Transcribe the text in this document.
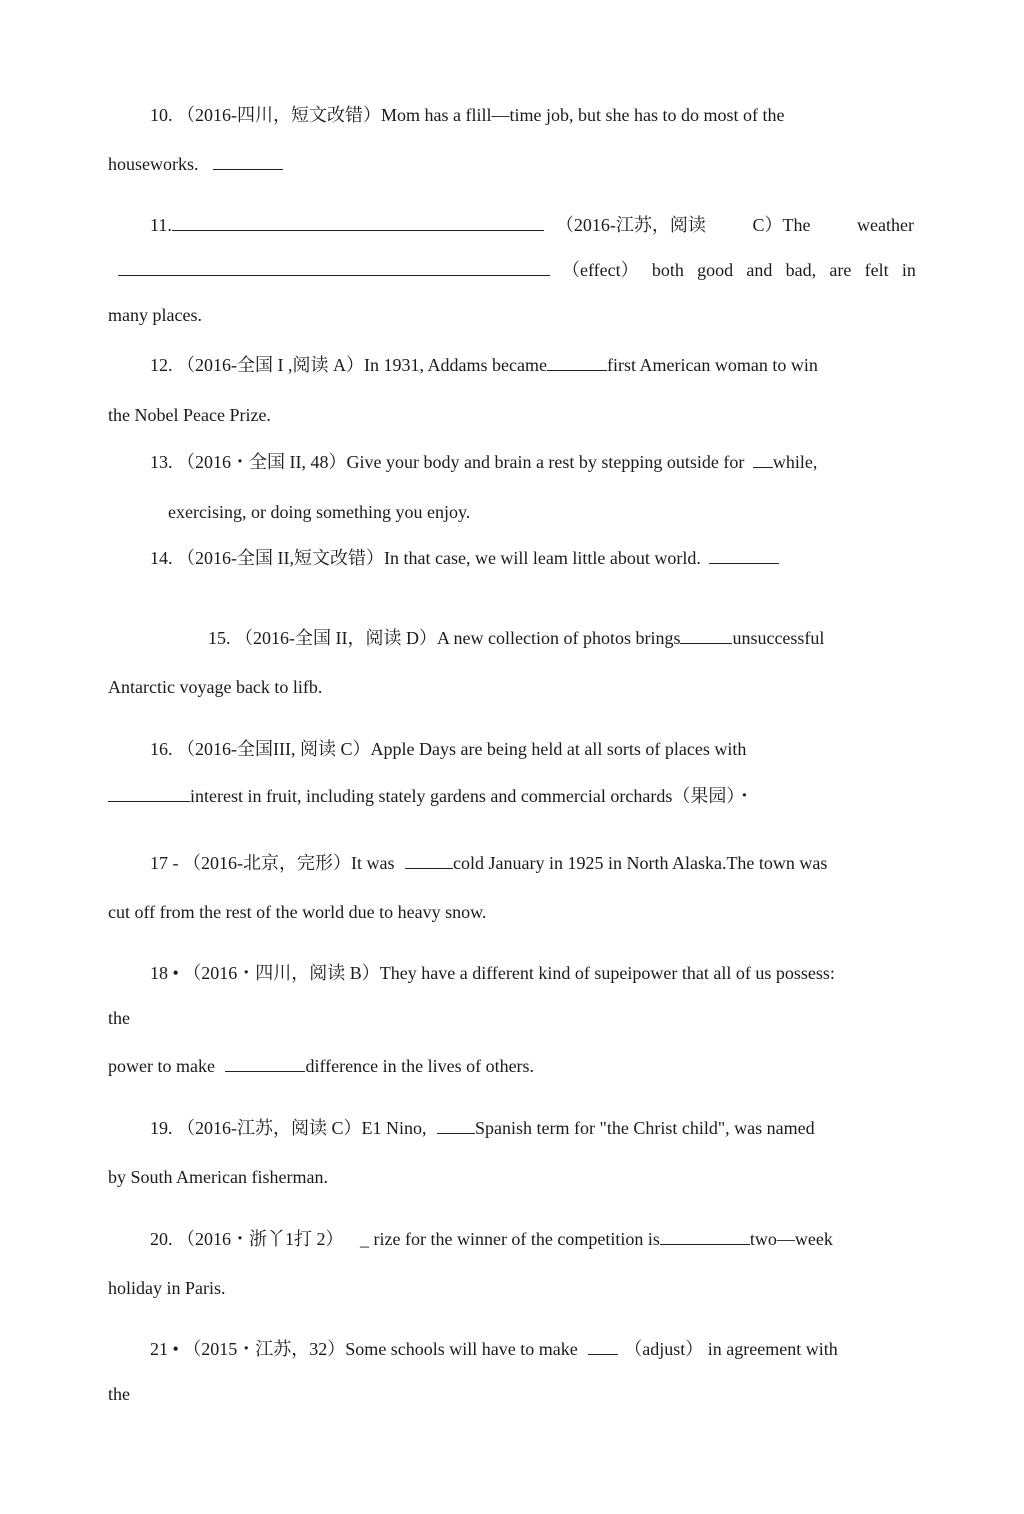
10. （2016-四川，短文改错）Mom has a flill—time job, but she has to do most of the
houseworks.
11.	（2016-江苏，阅读	C）The	weather
（effect） both good and bad, are felt in
many places.
12. （2016-全国 I ,阅读 A）In 1931, Addams became	first American woman to win
the Nobel Peace Prize.
13. （2016・全国 II, 48）Give your body and brain a rest by stepping outside for while,
exercising, or doing something you enjoy.
14. （2016-全国 II,短文改错）In that case, we will leam little about world.
15. （2016-全国 II，阅读 D）A new collection of photos brings	unsuccessful
Antarctic voyage back to lifb.
16. （2016-全国III, 阅读 C）Apple Days are being held at all sorts of places with
interest in fruit, including stately gardens and commercial orchards（果园）・
17 - （2016-北京，完形）It was	cold January in 1925 in North Alaska.The town was
cut off from the rest of the world due to heavy snow.
18 • （2016・四川，阅读 B）They have a different kind of supeipower that all of us possess:
the
power to make	difference in the lives of others.
19. （2016-江苏，阅读 C）E1 Nino,	Spanish term for "the Christ child", was named
by South American fisherman.
20. （2016・浙丫1打 2） _ rize for the winner of the competition is	two—week
holiday in Paris.
21 • （2015・江苏，32）Some schools will have to make	（adjust） in agreement with
the
